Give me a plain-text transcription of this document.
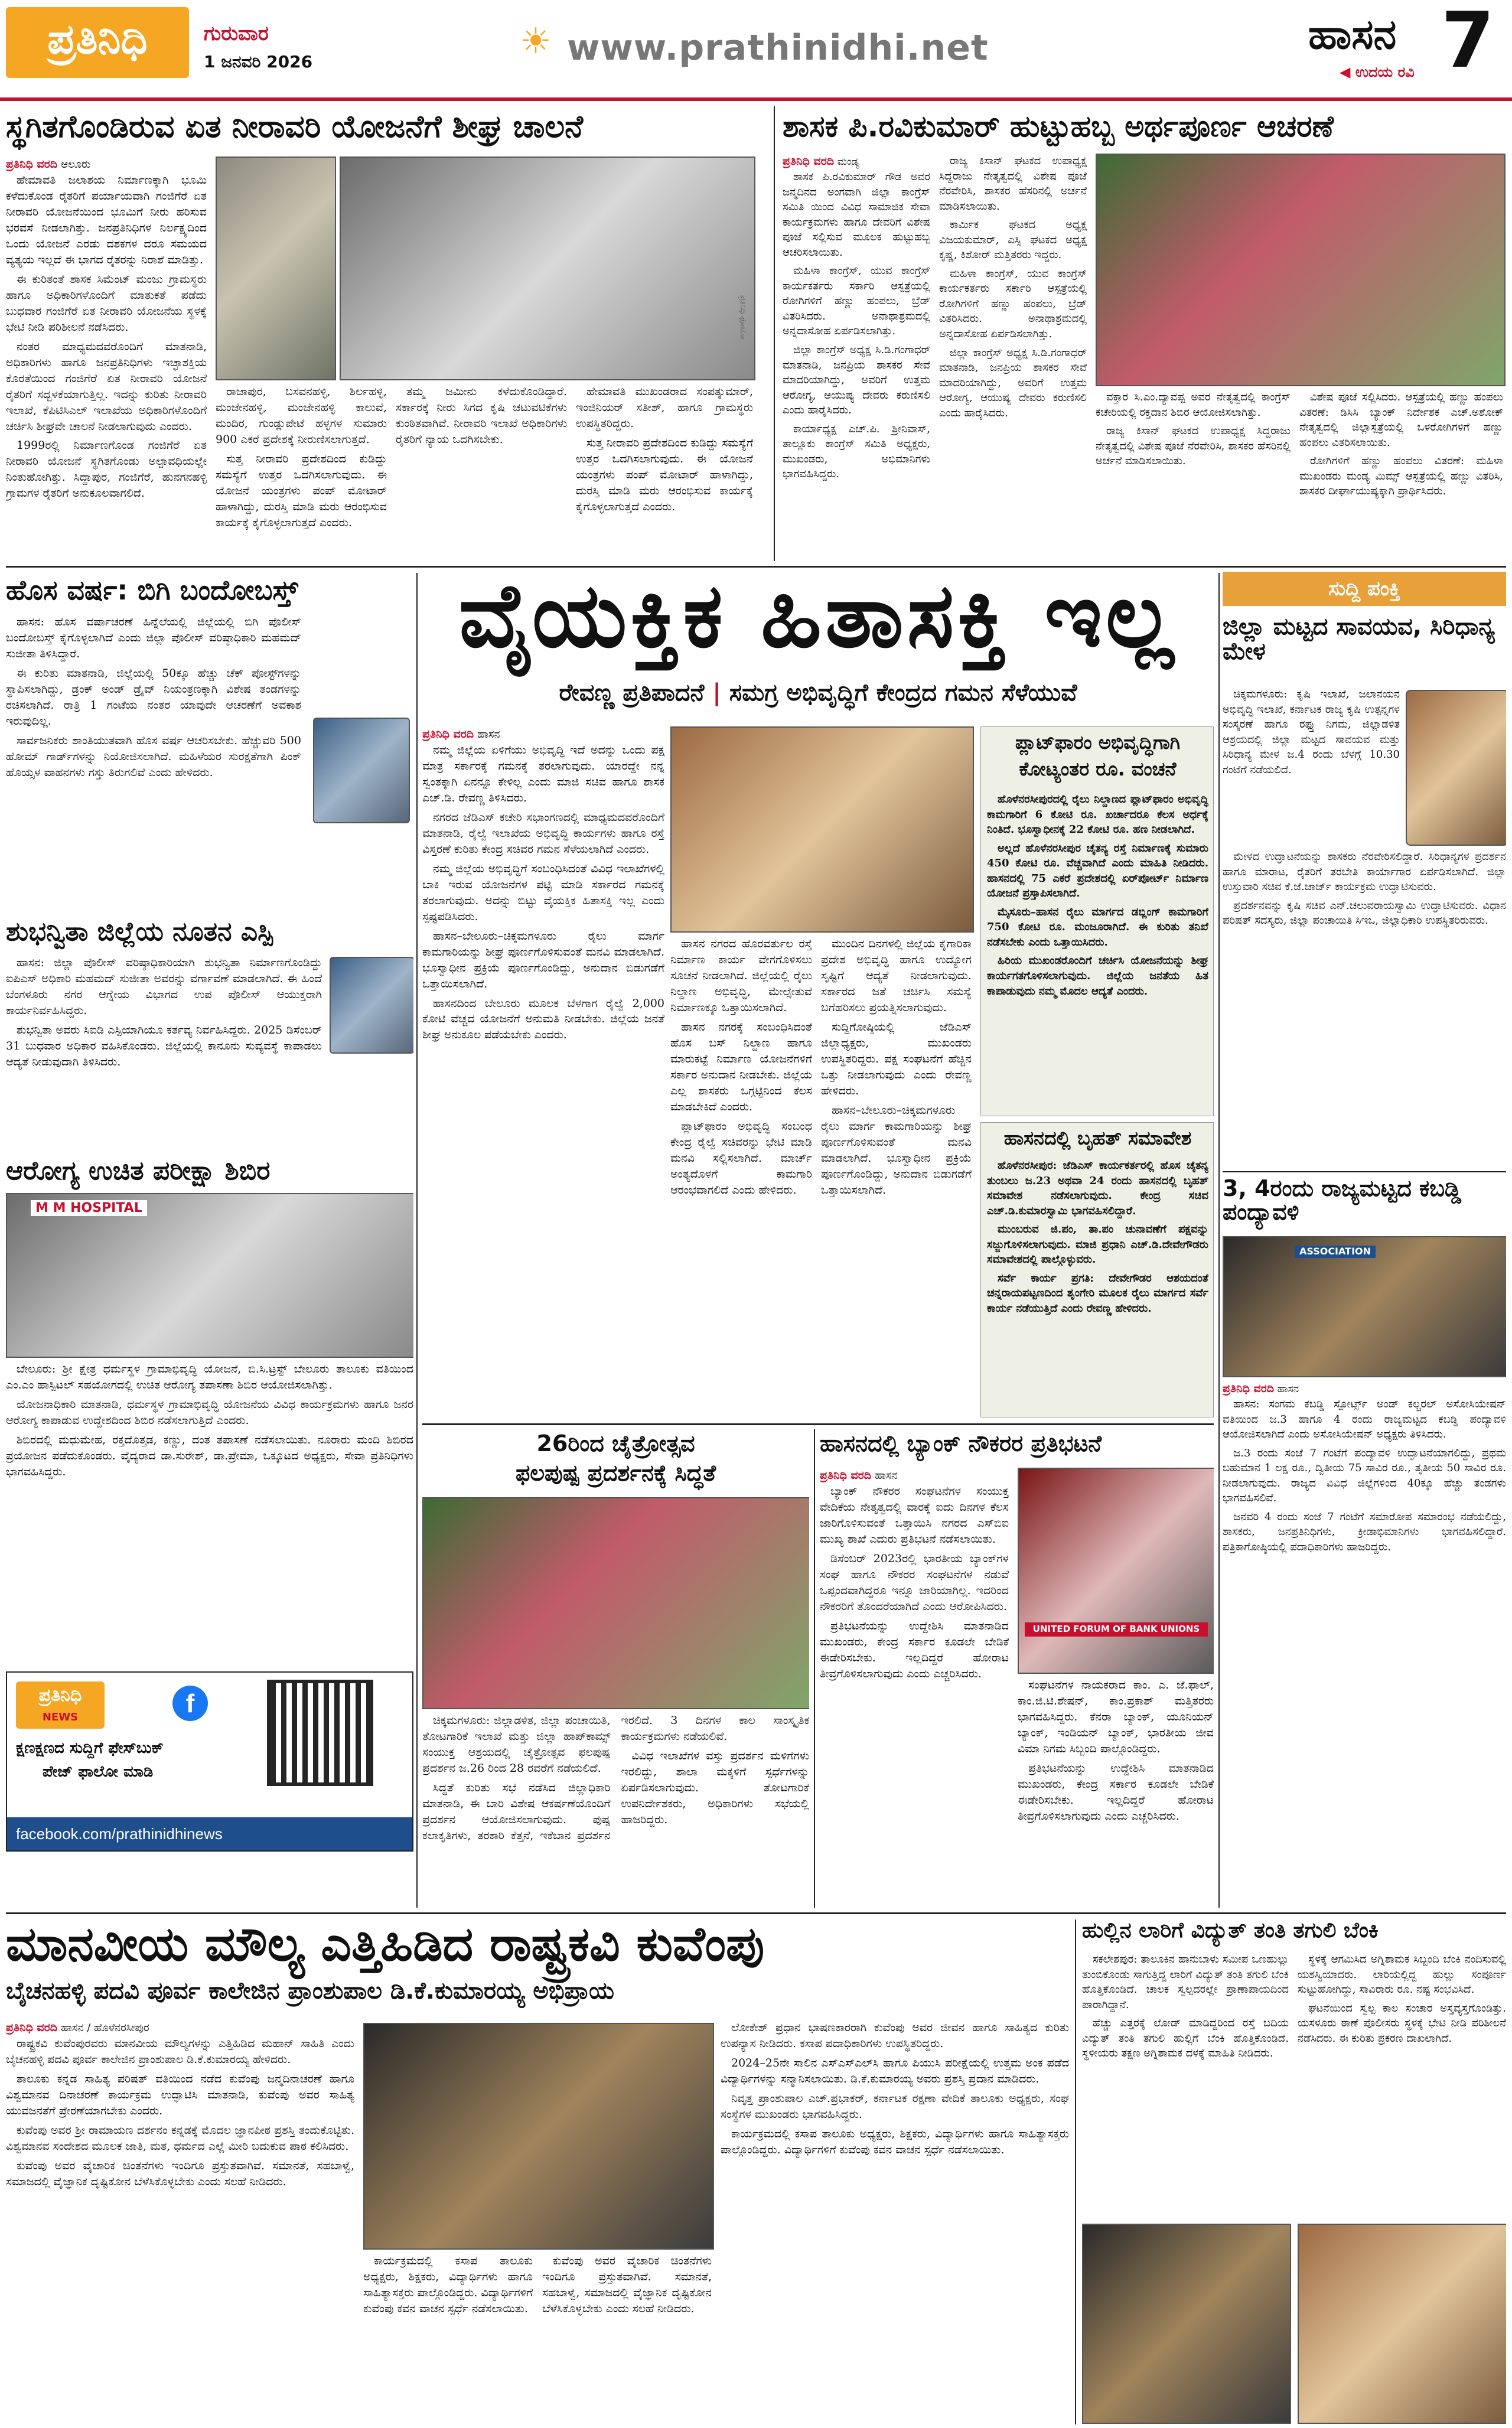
ಪ್ರತಿನಿಧಿ	ಗುರುವಾರ
1 ಜನವರಿ 2026	☀ www.prathinidhi.net	ಹಾಸನ 7
◀ ಉದಯ ರವಿ
ಸ್ಥಗಿತಗೊಂಡಿರುವ ಏತ ನೀರಾವರಿ ಯೋಜನೆಗೆ ಶೀಘ್ರ ಚಾಲನೆ
ಪ್ರತಿನಿಧಿ ವರದಿ ಆಲೂರು

ಹೇಮಾವತಿ ಜಲಾಶಯ ನಿರ್ಮಾಣಕ್ಕಾಗಿ ಭೂಮಿ ಕಳೆದುಕೊಂಡ ರೈತರಿಗೆ ಪರ್ಯಾಯವಾಗಿ ಗಂಜಿಗೆರೆ ಏತ ನೀರಾವರಿ ಯೋಜನೆಯಿಂದ ಭೂಮಿಗೆ ನೀರು ಹರಿಸುವ ಭರವಸೆ ನೀಡಲಾಗಿತ್ತು. ಜನಪ್ರತಿನಿಧಿಗಳ ನಿರ್ಲಕ್ಷ್ಯದಿಂದ ಒಂದು ಯೋಜನೆ ಎರಡು ದಶಕಗಳ ದರೂ ಸಮಯದ ವ್ಯತ್ಯಯ ಇಲ್ಲದೆ ಈ ಭಾಗದ ರೈತರನ್ನು ನಿರಾಶೆ ಮಾಡಿತ್ತು.

ಈ ಕುರಿತಂತೆ ಶಾಸಕ ಸಿಮೆಂಟ್ ಮಂಜು ಗ್ರಾಮಸ್ಥರು ಹಾಗೂ ಅಧಿಕಾರಿಗಳೊಂದಿಗೆ ಮಾತುಕತೆ ಪಡೆದು ಬುಧವಾರ ಗಂಜಿಗೆರೆ ಏತ ನೀರಾವರಿ ಯೋಜನೆಯ ಸ್ಥಳಕ್ಕೆ ಭೇಟಿ ನೀಡಿ ಪರಿಶೀಲನೆ ನಡೆಸಿದರು.

ನಂತರ ಮಾಧ್ಯಮದವರೊಂದಿಗೆ ಮಾತನಾಡಿ, ಅಧಿಕಾರಿಗಳು ಹಾಗೂ ಜನಪ್ರತಿನಿಧಿಗಳು ಇಚ್ಛಾಶಕ್ತಿಯ ಕೊರತೆಯಿಂದ ಗಂಜಿಗೆರೆ ಏತ ನೀರಾವರಿ ಯೋಜನೆ ರೈತರಿಗೆ ಸದ್ಬಳಕೆಯಾಗುತ್ತಿಲ್ಲ. ಇದನ್ನು ಕುರಿತು ನೀರಾವರಿ ಇಲಾಖೆ, ಕೆಪಿಟಿಸಿಎಲ್ ಇಲಾಖೆಯ ಅಧಿಕಾರಿಗಳೊಂದಿಗೆ ಚರ್ಚಿಸಿ ಶೀಘ್ರವೇ ಚಾಲನೆ ನೀಡಲಾಗುವುದು ಎಂದರು.

1999ರಲ್ಲಿ ನಿರ್ಮಾಣಗೊಂಡ ಗಂಜಿಗೆರೆ ಏತ ನೀರಾವರಿ ಯೋಜನೆ ಸ್ಥಗಿತಗೊಂಡು ಅಲ್ಪಾವಧಿಯಲ್ಲೇ ನಿಂತುಹೋಗಿತ್ತು. ಸಿದ್ದಾಪುರ, ಗಂಜಿಗೆರೆ, ಹುನಗನಹಳ್ಳಿ ಗ್ರಾಮಗಳ ರೈತರಿಗೆ ಅನುಕೂಲವಾಗಲಿದೆ.

ಪ್ರತಿನಿಧಿ ಫೋಟೋ

ರಾಜಾಪುರ, ಬಸವನಹಳ್ಳಿ, ಶಿರ್ಲಹಳ್ಳಿ, ಮಂಜೇನಹಳ್ಳಿ, ಮಂಜೇನಹಳ್ಳಿ ಕಾಲುವೆ, ಮಂದಿರ, ಗುಂಡ್ಲುಪೇಟೆ ಹಳ್ಳಗಳ ಸುಮಾರು 900 ಎಕರೆ ಪ್ರದೇಶಕ್ಕೆ ನೀರುಣಿಸಲಾಗುತ್ತದೆ.

ಸುತ್ತ ನೀರಾವರಿ ಪ್ರದೇಶದಿಂದ ಕುಡಿದ್ದು ಸಮಸ್ಯೆಗೆ ಉತ್ತರ ಒದಗಿಸಲಾಗುವುದು. ಈ ಯೋಜನೆ ಯಂತ್ರಗಳು ಪಂಪ್ ಮೋಟಾರ್ ಹಾಳಾಗಿದ್ದು, ದುರಸ್ತಿ ಮಾಡಿ ಮರು ಆರಂಭಿಸುವ ಕಾರ್ಯಕ್ಕೆ ಕೈಗೊಳ್ಳಲಾಗುತ್ತದೆ ಎಂದರು.

ತಮ್ಮ ಜಮೀನು ಕಳೆದುಕೊಂಡಿದ್ದಾರೆ. ಸರ್ಕಾರಕ್ಕೆ ನೀರು ಸಿಗದ ಕೃಷಿ ಚಟುವಟಿಕೆಗಳು ಕುಂಠಿತವಾಗಿವೆ. ನೀರಾವರಿ ಇಲಾಖೆ ಅಧಿಕಾರಿಗಳು ರೈತರಿಗೆ ನ್ಯಾಯ ಒದಗಿಸಬೇಕು.

ಹೇಮಾವತಿ ಮುಖಂಡರಾದ ಸಂಪತ್ಕುಮಾರ್, ಇಂಜಿನಿಯರ್ ಸತೀಶ್, ಹಾಗೂ ಗ್ರಾಮಸ್ಥರು ಉಪಸ್ಥಿತರಿದ್ದರು.

ಸುತ್ತ ನೀರಾವರಿ ಪ್ರದೇಶದಿಂದ ಕುಡಿದ್ದು ಸಮಸ್ಯೆಗೆ ಉತ್ತರ ಒದಗಿಸಲಾಗುವುದು. ಈ ಯೋಜನೆ ಯಂತ್ರಗಳು ಪಂಪ್ ಮೋಟಾರ್ ಹಾಳಾಗಿದ್ದು, ದುರಸ್ತಿ ಮಾಡಿ ಮರು ಆರಂಭಿಸುವ ಕಾರ್ಯಕ್ಕೆ ಕೈಗೊಳ್ಳಲಾಗುತ್ತದೆ ಎಂದರು.

ಶಾಸಕ ಪಿ.ರವಿಕುಮಾರ್ ಹುಟ್ಟುಹಬ್ಬ ಅರ್ಥಪೂರ್ಣ ಆಚರಣೆ
ಪ್ರತಿನಿಧಿ ವರದಿ ಮಂಡ್ಯ

ಶಾಸಕ ಪಿ.ರವಿಕುಮಾರ್ ಗೌಡ ಅವರ ಜನ್ಮದಿನದ ಅಂಗವಾಗಿ ಜಿಲ್ಲಾ ಕಾಂಗ್ರೆಸ್ ಸಮಿತಿ ಯಿಂದ ವಿವಿಧ ಸಾಮಾಜಿಕ ಸೇವಾ ಕಾರ್ಯಕ್ರಮಗಳು ಹಾಗೂ ದೇವರಿಗೆ ವಿಶೇಷ ಪೂಜೆ ಸಲ್ಲಿಸುವ ಮೂಲಕ ಹುಟ್ಟುಹಬ್ಬ ಆಚರಿಸಲಾಯಿತು.

ಮಹಿಳಾ ಕಾಂಗ್ರೆಸ್, ಯುವ ಕಾಂಗ್ರೆಸ್ ಕಾರ್ಯಕರ್ತರು ಸರ್ಕಾರಿ ಆಸ್ಪತ್ರೆಯಲ್ಲಿ ರೋಗಿಗಳಿಗೆ ಹಣ್ಣು ಹಂಪಲು, ಬ್ರೆಡ್ ವಿತರಿಸಿದರು. ಅನಾಥಾಶ್ರಮದಲ್ಲಿ ಅನ್ನದಾಸೋಹ ಏರ್ಪಡಿಸಲಾಗಿತ್ತು.

ಜಿಲ್ಲಾ ಕಾಂಗ್ರೆಸ್ ಅಧ್ಯಕ್ಷ ಸಿ.ಡಿ.ಗಂಗಾಧರ್ ಮಾತನಾಡಿ, ಜನಪ್ರಿಯ ಶಾಸಕರ ಸೇವೆ ಮಾದರಿಯಾಗಿದ್ದು, ಅವರಿಗೆ ಉತ್ತಮ ಆರೋಗ್ಯ, ಆಯುಷ್ಯ ದೇವರು ಕರುಣಿಸಲಿ ಎಂದು ಹಾರೈಸಿದರು.

ಕಾರ್ಯಾಧ್ಯಕ್ಷ ಎಚ್.ಪಿ. ಶ್ರೀನಿವಾಸ್, ತಾಲ್ಲೂಕು ಕಾಂಗ್ರೆಸ್ ಸಮಿತಿ ಅಧ್ಯಕ್ಷರು, ಮುಖಂಡರು, ಅಭಿಮಾನಿಗಳು ಭಾಗವಹಿಸಿದ್ದರು.

ರಾಜ್ಯ ಕಿಸಾನ್ ಘಟಕದ ಉಪಾಧ್ಯಕ್ಷ ಸಿದ್ದರಾಜು ನೇತೃತ್ವದಲ್ಲಿ ವಿಶೇಷ ಪೂಜೆ ನೆರವೇರಿಸಿ, ಶಾಸಕರ ಹೆಸರಿನಲ್ಲಿ ಅರ್ಚನೆ ಮಾಡಿಸಲಾಯಿತು.

ಕಾರ್ಮಿಕ ಘಟಕದ ಅಧ್ಯಕ್ಷ ವಿಜಯಕುಮಾರ್, ಎಸ್ಸಿ ಘಟಕದ ಅಧ್ಯಕ್ಷ ಕೃಷ್ಣ, ಕಿಶೋರ್ ಮತ್ತಿತರರು ಇದ್ದರು.

ಮಹಿಳಾ ಕಾಂಗ್ರೆಸ್, ಯುವ ಕಾಂಗ್ರೆಸ್ ಕಾರ್ಯಕರ್ತರು ಸರ್ಕಾರಿ ಆಸ್ಪತ್ರೆಯಲ್ಲಿ ರೋಗಿಗಳಿಗೆ ಹಣ್ಣು ಹಂಪಲು, ಬ್ರೆಡ್ ವಿತರಿಸಿದರು. ಅನಾಥಾಶ್ರಮದಲ್ಲಿ ಅನ್ನದಾಸೋಹ ಏರ್ಪಡಿಸಲಾಗಿತ್ತು.

ಜಿಲ್ಲಾ ಕಾಂಗ್ರೆಸ್ ಅಧ್ಯಕ್ಷ ಸಿ.ಡಿ.ಗಂಗಾಧರ್ ಮಾತನಾಡಿ, ಜನಪ್ರಿಯ ಶಾಸಕರ ಸೇವೆ ಮಾದರಿಯಾಗಿದ್ದು, ಅವರಿಗೆ ಉತ್ತಮ ಆರೋಗ್ಯ, ಆಯುಷ್ಯ ದೇವರು ಕರುಣಿಸಲಿ ಎಂದು ಹಾರೈಸಿದರು.

ವಕ್ತಾರ ಸಿ.ಎಂ.ದ್ಯಾವಪ್ಪ ಅವರ ನೇತೃತ್ವದಲ್ಲಿ ಕಾಂಗ್ರೆಸ್ ಕಚೇರಿಯಲ್ಲಿ ರಕ್ತದಾನ ಶಿಬಿರ ಆಯೋಜಿಸಲಾಗಿತ್ತು.

ರಾಜ್ಯ ಕಿಸಾನ್ ಘಟಕದ ಉಪಾಧ್ಯಕ್ಷ ಸಿದ್ದರಾಜು ನೇತೃತ್ವದಲ್ಲಿ ವಿಶೇಷ ಪೂಜೆ ನೆರವೇರಿಸಿ, ಶಾಸಕರ ಹೆಸರಿನಲ್ಲಿ ಅರ್ಚನೆ ಮಾಡಿಸಲಾಯಿತು.

ವಿಶೇಷ ಪೂಜೆ ಸಲ್ಲಿಸಿದರು. ಆಸ್ಪತ್ರೆಯಲ್ಲಿ ಹಣ್ಣು ಹಂಪಲು ವಿತರಣೆ: ಡಿಸಿಸಿ ಬ್ಯಾಂಕ್ ನಿರ್ದೇಶಕ ಎಚ್.ಅಶೋಕ್ ನೇತೃತ್ವದಲ್ಲಿ ಜಿಲ್ಲಾಸ್ಪತ್ರೆಯಲ್ಲಿ ಒಳರೋಗಿಗಳಿಗೆ ಹಣ್ಣು ಹಂಪಲು ವಿತರಿಸಲಾಯಿತು.

ರೋಗಿಗಳಿಗೆ ಹಣ್ಣು ಹಂಪಲು ವಿತರಣೆ: ಮಹಿಳಾ ಮುಖಂಡರು ಮಂಡ್ಯ ಮಿಮ್ಸ್ ಆಸ್ಪತ್ರೆಯಲ್ಲಿ ಹಣ್ಣು ವಿತರಿಸಿ, ಶಾಸಕರ ದೀರ್ಘಾಯುಷ್ಯಕ್ಕಾಗಿ ಪ್ರಾರ್ಥಿಸಿದರು.

ಹೊಸ ವರ್ಷ: ಬಿಗಿ ಬಂದೋಬಸ್ತ್

ಹಾಸನ: ಹೊಸ ವರ್ಷಾಚರಣೆ ಹಿನ್ನೆಲೆಯಲ್ಲಿ ಜಿಲ್ಲೆಯಲ್ಲಿ ಬಿಗಿ ಪೊಲೀಸ್ ಬಂದೋಬಸ್ತ್ ಕೈಗೊಳ್ಳಲಾಗಿದೆ ಎಂದು ಜಿಲ್ಲಾ ಪೊಲೀಸ್ ವರಿಷ್ಠಾಧಿಕಾರಿ ಮಹಮದ್ ಸುಜೀತಾ ತಿಳಿಸಿದ್ದಾರೆ.

ಈ ಕುರಿತು ಮಾತನಾಡಿ, ಜಿಲ್ಲೆಯಲ್ಲಿ 50ಕ್ಕೂ ಹೆಚ್ಚು ಚೆಕ್ ಪೋಸ್ಟ್‌ಗಳನ್ನು ಸ್ಥಾಪಿಸಲಾಗಿದ್ದು, ಡ್ರಂಕ್ ಅಂಡ್ ಡ್ರೈವ್ ನಿಯಂತ್ರಣಕ್ಕಾಗಿ ವಿಶೇಷ ತಂಡಗಳನ್ನು ರಚಿಸಲಾಗಿದೆ. ರಾತ್ರಿ 1 ಗಂಟೆಯ ನಂತರ ಯಾವುದೇ ಆಚರಣೆಗೆ ಅವಕಾಶ ಇರುವುದಿಲ್ಲ.

ಸಾರ್ವಜನಿಕರು ಶಾಂತಿಯುತವಾಗಿ ಹೊಸ ವರ್ಷ ಆಚರಿಸಬೇಕು. ಹೆಚ್ಚುವರಿ 500 ಹೋಮ್ ಗಾರ್ಡ್‌ಗಳನ್ನು ನಿಯೋಜಿಸಲಾಗಿದೆ. ಮಹಿಳೆಯರ ಸುರಕ್ಷತೆಗಾಗಿ ಪಿಂಕ್ ಹೊಯ್ಸಳ ವಾಹನಗಳು ಗಸ್ತು ತಿರುಗಲಿವೆ ಎಂದು ಹೇಳಿದರು.

ಶುಭನ್ವಿತಾ ಜಿಲ್ಲೆಯ ನೂತನ ಎಸ್ಪಿ

ಹಾಸನ: ಜಿಲ್ಲಾ ಪೊಲೀಸ್ ವರಿಷ್ಠಾಧಿಕಾರಿಯಾಗಿ ಶುಭನ್ವಿತಾ ನಿರ್ಮಾಣಗೊಂಡಿದ್ದು ಐಪಿಎಸ್ ಅಧಿಕಾರಿ ಮಹಮದ್ ಸುಜೀತಾ ಅವರನ್ನು ವರ್ಗಾವಣೆ ಮಾಡಲಾಗಿದೆ. ಈ ಹಿಂದೆ ಬೆಂಗಳೂರು ನಗರ ಆಗ್ನೇಯ ವಿಭಾಗದ ಉಪ ಪೊಲೀಸ್ ಆಯುಕ್ತರಾಗಿ ಕಾರ್ಯನಿರ್ವಹಿಸಿದ್ದರು.

ಶುಭನ್ವಿತಾ ಅವರು ಸಿಐಡಿ ಎಸ್ಪಿಯಾಗಿಯೂ ಕರ್ತವ್ಯ ನಿರ್ವಹಿಸಿದ್ದರು. 2025 ಡಿಸೆಂಬರ್ 31 ಬುಧವಾರ ಅಧಿಕಾರ ವಹಿಸಿಕೊಂಡರು. ಜಿಲ್ಲೆಯಲ್ಲಿ ಕಾನೂನು ಸುವ್ಯವಸ್ಥೆ ಕಾಪಾಡಲು ಆದ್ಯತೆ ನೀಡುವುದಾಗಿ ತಿಳಿಸಿದರು.

ಆರೋಗ್ಯ ಉಚಿತ ಪರೀಕ್ಷಾ ಶಿಬಿರ
M M HOSPITAL

ಬೇಲೂರು: ಶ್ರೀ ಕ್ಷೇತ್ರ ಧರ್ಮಸ್ಥಳ ಗ್ರಾಮಾಭಿವೃದ್ಧಿ ಯೋಜನೆ, ಬಿ.ಸಿ.ಟ್ರಸ್ಟ್ ಬೇಲೂರು ತಾಲೂಕು ವತಿಯಿಂದ ಎಂ.ಎಂ ಹಾಸ್ಪಿಟಲ್ ಸಹಯೋಗದಲ್ಲಿ ಉಚಿತ ಆರೋಗ್ಯ ತಪಾಸಣಾ ಶಿಬಿರ ಆಯೋಜಿಸಲಾಗಿತ್ತು.

ಯೋಜನಾಧಿಕಾರಿ ಮಾತನಾಡಿ, ಧರ್ಮಸ್ಥಳ ಗ್ರಾಮಾಭಿವೃದ್ಧಿ ಯೋಜನೆಯ ವಿವಿಧ ಕಾರ್ಯಕ್ರಮಗಳು ಹಾಗೂ ಜನರ ಆರೋಗ್ಯ ಕಾಪಾಡುವ ಉದ್ದೇಶದಿಂದ ಶಿಬಿರ ನಡೆಸಲಾಗುತ್ತಿದೆ ಎಂದರು.

ಶಿಬಿರದಲ್ಲಿ ಮಧುಮೇಹ, ರಕ್ತದೊತ್ತಡ, ಕಣ್ಣು, ದಂತ ತಪಾಸಣೆ ನಡೆಸಲಾಯಿತು. ನೂರಾರು ಮಂದಿ ಶಿಬಿರದ ಪ್ರಯೋಜನ ಪಡೆದುಕೊಂಡರು. ವೈದ್ಯರಾದ ಡಾ.ಸುರೇಶ್, ಡಾ.ಪ್ರೇಮಾ, ಒಕ್ಕೂಟದ ಅಧ್ಯಕ್ಷರು, ಸೇವಾ ಪ್ರತಿನಿಧಿಗಳು ಭಾಗವಹಿಸಿದ್ದರು.

ಪ್ರತಿನಿಧಿ
NEWS	f
ಕ್ಷಣಕ್ಷಣದ ಸುದ್ದಿಗೆ ಫೇಸ್‌ಬುಕ್
ಪೇಜ್ ಫಾಲೋ ಮಾಡಿ
facebook.com/prathinidhinews
ವೈಯಕ್ತಿಕ ಹಿತಾಸಕ್ತಿ ಇಲ್ಲ
ರೇವಣ್ಣ ಪ್ರತಿಪಾದನೆ | ಸಮಗ್ರ ಅಭಿವೃದ್ಧಿಗೆ ಕೇಂದ್ರದ ಗಮನ ಸೆಳೆಯುವೆ
ಪ್ರತಿನಿಧಿ ವರದಿ ಹಾಸನ

ನಮ್ಮ ಜಿಲ್ಲೆಯ ಏಳಿಗೆಯು ಅಭಿವೃದ್ಧಿ ಇದೆ ಅದನ್ನು ಒಂದು ಪಕ್ಷ ಮಾತ್ರ ಸರ್ಕಾರಕ್ಕೆ ಗಮನಕ್ಕೆ ತರಲಾಗುವುದು. ಯಾರದ್ದೇ ನನ್ನ ಸ್ವಂತಕ್ಕಾಗಿ ಏನನ್ನೂ ಕೇಳಿಲ್ಲ ಎಂದು ಮಾಜಿ ಸಚಿವ ಹಾಗೂ ಶಾಸಕ ಎಚ್.ಡಿ. ರೇವಣ್ಣ ತಿಳಿಸಿದರು.

ನಗರದ ಜೆಡಿಎಸ್ ಕಚೇರಿ ಸಭಾಂಗಣದಲ್ಲಿ ಮಾಧ್ಯಮದವರೊಂದಿಗೆ ಮಾತನಾಡಿ, ರೈಲ್ವೆ ಇಲಾಖೆಯ ಅಭಿವೃದ್ಧಿ ಕಾರ್ಯಗಳು ಹಾಗೂ ರಸ್ತೆ ವಿಸ್ತರಣೆ ಕುರಿತು ಕೇಂದ್ರ ಸಚಿವರ ಗಮನ ಸೆಳೆಯಲಾಗಿದೆ ಎಂದರು.

ನಮ್ಮ ಜಿಲ್ಲೆಯ ಅಭಿವೃದ್ಧಿಗೆ ಸಂಬಂಧಿಸಿದಂತೆ ವಿವಿಧ ಇಲಾಖೆಗಳಲ್ಲಿ ಬಾಕಿ ಇರುವ ಯೋಜನೆಗಳ ಪಟ್ಟಿ ಮಾಡಿ ಸರ್ಕಾರದ ಗಮನಕ್ಕೆ ತರಲಾಗುವುದು. ಅದನ್ನು ಬಿಟ್ಟು ವೈಯಕ್ತಿಕ ಹಿತಾಸಕ್ತಿ ಇಲ್ಲ ಎಂದು ಸ್ಪಷ್ಟಪಡಿಸಿದರು.

ಹಾಸನ–ಬೇಲೂರು–ಚಿಕ್ಕಮಗಳೂರು ರೈಲು ಮಾರ್ಗ ಕಾಮಗಾರಿಯನ್ನು ಶೀಘ್ರ ಪೂರ್ಣಗೊಳಿಸುವಂತೆ ಮನವಿ ಮಾಡಲಾಗಿದೆ. ಭೂಸ್ವಾಧೀನ ಪ್ರಕ್ರಿಯೆ ಪೂರ್ಣಗೊಂಡಿದ್ದು, ಅನುದಾನ ಬಿಡುಗಡೆಗೆ ಒತ್ತಾಯಿಸಲಾಗಿದೆ.

ಹಾಸನದಿಂದ ಬೇಲೂರು ಮೂಲಕ ಬೆಳಗಾಗ ರೈಲ್ವೆ 2,000 ಕೋಟಿ ವೆಚ್ಚದ ಯೋಜನೆಗೆ ಅನುಮತಿ ನೀಡಬೇಕು. ಜಿಲ್ಲೆಯ ಜನತೆ ಶೀಘ್ರ ಅನುಕೂಲ ಪಡೆಯಬೇಕು ಎಂದರು.

ಪ್ಲಾಟ್‌ಫಾರಂ ಅಭಿವೃದ್ಧಿಗಾಗಿ
ಕೋಟ್ಯಂತರ ರೂ. ವಂಚನೆ

ಹೊಳೆನರಸೀಪುರದಲ್ಲಿ ರೈಲು ನಿಲ್ದಾಣದ ಪ್ಲಾಟ್‌ಫಾರಂ ಅಭಿವೃದ್ಧಿ ಕಾಮಗಾರಿಗೆ 6 ಕೋಟಿ ರೂ. ಖರ್ಚಾದರೂ ಕೆಲಸ ಅರ್ಧಕ್ಕೆ ನಿಂತಿದೆ. ಭೂಸ್ವಾಧೀನಕ್ಕೆ 22 ಕೋಟಿ ರೂ. ಹಣ ನೀಡಲಾಗಿದೆ.

ಅಲ್ಲದೆ ಹೊಳೆನರಸೀಪುರ ಚೈತನ್ಯ ರಸ್ತೆ ನಿರ್ಮಾಣಕ್ಕೆ ಸುಮಾರು 450 ಕೋಟಿ ರೂ. ವೆಚ್ಚವಾಗಿದೆ ಎಂದು ಮಾಹಿತಿ ನೀಡಿದರು. ಹಾಸನದಲ್ಲಿ 75 ಎಕರೆ ಪ್ರದೇಶದಲ್ಲಿ ಏರ್‌ಪೋರ್ಟ್ ನಿರ್ಮಾಣ ಯೋಜನೆ ಪ್ರಸ್ತಾಪಿಸಲಾಗಿದೆ.

ಮೈಸೂರು–ಹಾಸನ ರೈಲು ಮಾರ್ಗದ ಡಬ್ಲಿಂಗ್ ಕಾಮಗಾರಿಗೆ 750 ಕೋಟಿ ರೂ. ಮಂಜೂರಾಗಿದೆ. ಈ ಕುರಿತು ತನಿಖೆ ನಡೆಸಬೇಕು ಎಂದು ಒತ್ತಾಯಿಸಿದರು.

ಹಿರಿಯ ಮುಖಂಡರೊಂದಿಗೆ ಚರ್ಚಿಸಿ ಯೋಜನೆಯನ್ನು ಶೀಘ್ರ ಕಾರ್ಯಗತಗೊಳಿಸಲಾಗುವುದು. ಜಿಲ್ಲೆಯ ಜನತೆಯ ಹಿತ ಕಾಪಾಡುವುದು ನಮ್ಮ ಮೊದಲ ಆದ್ಯತೆ ಎಂದರು.

ಹಾಸನ ನಗರದ ಹೊರವರ್ತುಲ ರಸ್ತೆ ನಿರ್ಮಾಣ ಕಾರ್ಯ ವೇಗಗೊಳಿಸಲು ಸೂಚನೆ ನೀಡಲಾಗಿದೆ. ಜಿಲ್ಲೆಯಲ್ಲಿ ರೈಲು ನಿಲ್ದಾಣ ಅಭಿವೃದ್ಧಿ, ಮೇಲ್ಸೇತುವೆ ನಿರ್ಮಾಣಕ್ಕೂ ಒತ್ತಾಯಿಸಲಾಗಿದೆ.

ಹಾಸನ ನಗರಕ್ಕೆ ಸಂಬಂಧಿಸಿದಂತೆ ಹೊಸ ಬಸ್ ನಿಲ್ದಾಣ ಹಾಗೂ ಮಾರುಕಟ್ಟೆ ನಿರ್ಮಾಣ ಯೋಜನೆಗಳಿಗೆ ಸರ್ಕಾರ ಅನುದಾನ ನೀಡಬೇಕು. ಜಿಲ್ಲೆಯ ಎಲ್ಲ ಶಾಸಕರು ಒಗ್ಗಟ್ಟಿನಿಂದ ಕೆಲಸ ಮಾಡಬೇಕಿದೆ ಎಂದರು.

ಪ್ಲಾಟ್‌ಫಾರಂ ಅಭಿವೃದ್ಧಿ ಸಂಬಂಧ ಕೇಂದ್ರ ರೈಲ್ವೆ ಸಚಿವರನ್ನು ಭೇಟಿ ಮಾಡಿ ಮನವಿ ಸಲ್ಲಿಸಲಾಗಿದೆ. ಮಾರ್ಚ್ ಅಂತ್ಯದೊಳಗೆ ಕಾಮಗಾರಿ ಆರಂಭವಾಗಲಿದೆ ಎಂದು ಹೇಳಿದರು.

ಮುಂದಿನ ದಿನಗಳಲ್ಲಿ ಜಿಲ್ಲೆಯ ಕೈಗಾರಿಕಾ ಪ್ರದೇಶ ಅಭಿವೃದ್ಧಿ ಹಾಗೂ ಉದ್ಯೋಗ ಸೃಷ್ಟಿಗೆ ಆದ್ಯತೆ ನೀಡಲಾಗುವುದು. ಸರ್ಕಾರದ ಜತೆ ಚರ್ಚಿಸಿ ಸಮಸ್ಯೆ ಬಗೆಹರಿಸಲು ಪ್ರಯತ್ನಿಸಲಾಗುವುದು.

ಸುದ್ದಿಗೋಷ್ಠಿಯಲ್ಲಿ ಜೆಡಿಎಸ್ ಜಿಲ್ಲಾಧ್ಯಕ್ಷರು, ಮುಖಂಡರು ಉಪಸ್ಥಿತರಿದ್ದರು. ಪಕ್ಷ ಸಂಘಟನೆಗೆ ಹೆಚ್ಚಿನ ಒತ್ತು ನೀಡಲಾಗುವುದು ಎಂದು ರೇವಣ್ಣ ಹೇಳಿದರು.

ಹಾಸನ–ಬೇಲೂರು–ಚಿಕ್ಕಮಗಳೂರು ರೈಲು ಮಾರ್ಗ ಕಾಮಗಾರಿಯನ್ನು ಶೀಘ್ರ ಪೂರ್ಣಗೊಳಿಸುವಂತೆ ಮನವಿ ಮಾಡಲಾಗಿದೆ. ಭೂಸ್ವಾಧೀನ ಪ್ರಕ್ರಿಯೆ ಪೂರ್ಣಗೊಂಡಿದ್ದು, ಅನುದಾನ ಬಿಡುಗಡೆಗೆ ಒತ್ತಾಯಿಸಲಾಗಿದೆ.

ಹಾಸನದಲ್ಲಿ ಬೃಹತ್ ಸಮಾವೇಶ

ಹೊಳೆನರಸೀಪುರ: ಜೆಡಿಎಸ್ ಕಾರ್ಯಕರ್ತರಲ್ಲಿ ಹೊಸ ಚೈತನ್ಯ ತುಂಬಲು ಜ.23 ಅಥವಾ 24 ರಂದು ಹಾಸನದಲ್ಲಿ ಬೃಹತ್ ಸಮಾವೇಶ ನಡೆಸಲಾಗುವುದು. ಕೇಂದ್ರ ಸಚಿವ ಎಚ್.ಡಿ.ಕುಮಾರಸ್ವಾಮಿ ಭಾಗವಹಿಸಲಿದ್ದಾರೆ.

ಮುಂಬರುವ ಜಿ.ಪಂ, ತಾ.ಪಂ ಚುನಾವಣೆಗೆ ಪಕ್ಷವನ್ನು ಸಜ್ಜುಗೊಳಿಸಲಾಗುವುದು. ಮಾಜಿ ಪ್ರಧಾನಿ ಎಚ್.ಡಿ.ದೇವೇಗೌಡರು ಸಮಾವೇಶದಲ್ಲಿ ಪಾಲ್ಗೊಳ್ಳುವರು.

ಸರ್ವೆ ಕಾರ್ಯ ಪ್ರಗತಿ: ದೇವೇಗೌಡರ ಆಶಯದಂತೆ ಚನ್ನರಾಯಪಟ್ಟಣದಿಂದ ಶೃಂಗೇರಿ ಮೂಲಕ ರೈಲು ಮಾರ್ಗದ ಸರ್ವೆ ಕಾರ್ಯ ನಡೆಯುತ್ತಿದೆ ಎಂದು ರೇವಣ್ಣ ಹೇಳಿದರು.

26ರಿಂದ ಚೈತ್ರೋತ್ಸವ
ಫಲಪುಷ್ಪ ಪ್ರದರ್ಶನಕ್ಕೆ ಸಿದ್ಧತೆ

ಚಿಕ್ಕಮಗಳೂರು: ಜಿಲ್ಲಾಡಳಿತ, ಜಿಲ್ಲಾ ಪಂಚಾಯಿತಿ, ತೋಟಗಾರಿಕೆ ಇಲಾಖೆ ಮತ್ತು ಜಿಲ್ಲಾ ಹಾಪ್‌ಕಾಮ್ಸ್ ಸಂಯುಕ್ತ ಆಶ್ರಯದಲ್ಲಿ ಚೈತ್ರೋತ್ಸವ ಫಲಪುಷ್ಪ ಪ್ರದರ್ಶನ ಜ.26 ರಿಂದ 28 ರವರೆಗೆ ನಡೆಯಲಿದೆ.

ಸಿದ್ಧತೆ ಕುರಿತು ಸಭೆ ನಡೆಸಿದ ಜಿಲ್ಲಾಧಿಕಾರಿ ಮಾತನಾಡಿ, ಈ ಬಾರಿ ವಿಶೇಷ ಆಕರ್ಷಣೆಯೊಂದಿಗೆ ಪ್ರದರ್ಶನ ಆಯೋಜಿಸಲಾಗುವುದು. ಪುಷ್ಪ ಕಲಾಕೃತಿಗಳು, ತರಕಾರಿ ಕೆತ್ತನೆ, ಇಕೆಬಾನ ಪ್ರದರ್ಶನ ಇರಲಿದೆ. 3 ದಿನಗಳ ಕಾಲ ಸಾಂಸ್ಕೃತಿಕ ಕಾರ್ಯಕ್ರಮಗಳು ನಡೆಯಲಿವೆ.

ವಿವಿಧ ಇಲಾಖೆಗಳ ವಸ್ತು ಪ್ರದರ್ಶನ ಮಳಿಗೆಗಳು ಇರಲಿದ್ದು, ಶಾಲಾ ಮಕ್ಕಳಿಗೆ ಸ್ಪರ್ಧೆಗಳನ್ನು ಏರ್ಪಡಿಸಲಾಗುವುದು. ತೋಟಗಾರಿಕೆ ಉಪನಿರ್ದೇಶಕರು, ಅಧಿಕಾರಿಗಳು ಸಭೆಯಲ್ಲಿ ಹಾಜರಿದ್ದರು.

ಹಾಸನದಲ್ಲಿ ಬ್ಯಾಂಕ್ ನೌಕರರ ಪ್ರತಿಭಟನೆ
ಪ್ರತಿನಿಧಿ ವರದಿ ಹಾಸನ

ಬ್ಯಾಂಕ್ ನೌಕರರ ಸಂಘಟನೆಗಳ ಸಂಯುಕ್ತ ವೇದಿಕೆಯ ನೇತೃತ್ವದಲ್ಲಿ ವಾರಕ್ಕೆ ಐದು ದಿನಗಳ ಕೆಲಸ ಜಾರಿಗೊಳಿಸುವಂತೆ ಒತ್ತಾಯಿಸಿ ನಗರದ ಎಸ್‌ಬಿಐ ಮುಖ್ಯ ಶಾಖೆ ಎದುರು ಪ್ರತಿಭಟನೆ ನಡೆಸಲಾಯಿತು.

ಡಿಸೆಂಬರ್ 2023ರಲ್ಲಿ ಭಾರತೀಯ ಬ್ಯಾಂಕ್‌ಗಳ ಸಂಘ ಹಾಗೂ ನೌಕರರ ಸಂಘಟನೆಗಳ ನಡುವೆ ಒಪ್ಪಂದವಾಗಿದ್ದರೂ ಇನ್ನೂ ಜಾರಿಯಾಗಿಲ್ಲ. ಇದರಿಂದ ನೌಕರರಿಗೆ ತೊಂದರೆಯಾಗಿದೆ ಎಂದು ಆರೋಪಿಸಿದರು.

ಪ್ರತಿಭಟನೆಯನ್ನು ಉದ್ದೇಶಿಸಿ ಮಾತನಾಡಿದ ಮುಖಂಡರು, ಕೇಂದ್ರ ಸರ್ಕಾರ ಕೂಡಲೇ ಬೇಡಿಕೆ ಈಡೇರಿಸಬೇಕು. ಇಲ್ಲದಿದ್ದರೆ ಹೋರಾಟ ತೀವ್ರಗೊಳಿಸಲಾಗುವುದು ಎಂದು ಎಚ್ಚರಿಸಿದರು.

UNITED FORUM OF BANK UNIONS

ಸಂಘಟನೆಗಳ ನಾಯಕರಾದ ಕಾಂ. ಎ. ಜೆ.ಫಾಲ್, ಕಾಂ.ಜಿ.ಟಿ.ಶೇಷನ್, ಕಾಂ.ಪ್ರಕಾಶ್ ಮತ್ತಿತರರು ಭಾಗವಹಿಸಿದ್ದರು. ಕೆನರಾ ಬ್ಯಾಂಕ್, ಯೂನಿಯನ್ ಬ್ಯಾಂಕ್, ಇಂಡಿಯನ್ ಬ್ಯಾಂಕ್, ಭಾರತೀಯ ಜೀವ ವಿಮಾ ನಿಗಮ ಸಿಬ್ಬಂದಿ ಪಾಲ್ಗೊಂಡಿದ್ದರು.

ಪ್ರತಿಭಟನೆಯನ್ನು ಉದ್ದೇಶಿಸಿ ಮಾತನಾಡಿದ ಮುಖಂಡರು, ಕೇಂದ್ರ ಸರ್ಕಾರ ಕೂಡಲೇ ಬೇಡಿಕೆ ಈಡೇರಿಸಬೇಕು. ಇಲ್ಲದಿದ್ದರೆ ಹೋರಾಟ ತೀವ್ರಗೊಳಿಸಲಾಗುವುದು ಎಂದು ಎಚ್ಚರಿಸಿದರು.

ಸುದ್ದಿ ಪಂಕ್ತಿ
ಜಿಲ್ಲಾ ಮಟ್ಟದ ಸಾವಯವ, ಸಿರಿಧಾನ್ಯ ಮೇಳ

ಚಿಕ್ಕಮಗಳೂರು: ಕೃಷಿ ಇಲಾಖೆ, ಜಲಾನಯನ ಅಭಿವೃದ್ಧಿ ಇಲಾಖೆ, ಕರ್ನಾಟಕ ರಾಜ್ಯ ಕೃಷಿ ಉತ್ಪನ್ನಗಳ ಸಂಸ್ಕರಣೆ ಹಾಗೂ ರಫ್ತು ನಿಗಮ, ಜಿಲ್ಲಾಡಳಿತ ಆಶ್ರಯದಲ್ಲಿ ಜಿಲ್ಲಾ ಮಟ್ಟದ ಸಾವಯವ ಮತ್ತು ಸಿರಿಧಾನ್ಯ ಮೇಳ ಜ.4 ರಂದು ಬೆಳಗ್ಗೆ 10.30 ಗಂಟೆಗೆ ನಡೆಯಲಿದೆ.

ಮೇಳದ ಉದ್ಘಾಟನೆಯನ್ನು ಶಾಸಕರು ನೆರವೇರಿಸಲಿದ್ದಾರೆ. ಸಿರಿಧಾನ್ಯಗಳ ಪ್ರದರ್ಶನ ಹಾಗೂ ಮಾರಾಟ, ರೈತರಿಗೆ ತರಬೇತಿ ಕಾರ್ಯಾಗಾರ ಏರ್ಪಡಿಸಲಾಗಿದೆ. ಜಿಲ್ಲಾ ಉಸ್ತುವಾರಿ ಸಚಿವ ಕೆ.ಜೆ.ಜಾರ್ಜ್ ಕಾರ್ಯಕ್ರಮ ಉದ್ಘಾಟಿಸುವರು.

ಪ್ರದರ್ಶನವನ್ನು ಕೃಷಿ ಸಚಿವ ಎನ್.ಚಲುವರಾಯಸ್ವಾಮಿ ಉದ್ಘಾಟಿಸುವರು. ವಿಧಾನ ಪರಿಷತ್ ಸದಸ್ಯರು, ಜಿಲ್ಲಾ ಪಂಚಾಯಿತಿ ಸಿಇಒ, ಜಿಲ್ಲಾಧಿಕಾರಿ ಉಪಸ್ಥಿತರಿರುವರು.

3, 4ರಂದು ರಾಜ್ಯಮಟ್ಟದ ಕಬಡ್ಡಿ ಪಂದ್ಯಾವಳಿ
ASSOCIATION
ಪ್ರತಿನಿಧಿ ವರದಿ ಹಾಸನ

ಹಾಸನ: ಸಂಗಮ ಕಬಡ್ಡಿ ಸ್ಪೋರ್ಟ್ಸ್ ಅಂಡ್ ಕಲ್ಚರಲ್ ಅಸೋಸಿಯೇಷನ್ ವತಿಯಿಂದ ಜ.3 ಹಾಗೂ 4 ರಂದು ರಾಜ್ಯಮಟ್ಟದ ಕಬಡ್ಡಿ ಪಂದ್ಯಾವಳಿ ಆಯೋಜಿಸಲಾಗಿದೆ ಎಂದು ಅಸೋಸಿಯೇಷನ್ ಅಧ್ಯಕ್ಷರು ತಿಳಿಸಿದರು.

ಜ.3 ರಂದು ಸಂಜೆ 7 ಗಂಟೆಗೆ ಪಂದ್ಯಾವಳಿ ಉದ್ಘಾಟನೆಯಾಗಲಿದ್ದು, ಪ್ರಥಮ ಬಹುಮಾನ 1 ಲಕ್ಷ ರೂ., ದ್ವಿತೀಯ 75 ಸಾವಿರ ರೂ., ತೃತೀಯ 50 ಸಾವಿರ ರೂ. ನೀಡಲಾಗುವುದು. ರಾಜ್ಯದ ವಿವಿಧ ಜಿಲ್ಲೆಗಳಿಂದ 40ಕ್ಕೂ ಹೆಚ್ಚು ತಂಡಗಳು ಭಾಗವಹಿಸಲಿವೆ.

ಜನವರಿ 4 ರಂದು ಸಂಜೆ 7 ಗಂಟೆಗೆ ಸಮಾರೋಪ ಸಮಾರಂಭ ನಡೆಯಲಿದ್ದು, ಶಾಸಕರು, ಜನಪ್ರತಿನಿಧಿಗಳು, ಕ್ರೀಡಾಭಿಮಾನಿಗಳು ಭಾಗವಹಿಸಲಿದ್ದಾರೆ. ಪತ್ರಿಕಾಗೋಷ್ಠಿಯಲ್ಲಿ ಪದಾಧಿಕಾರಿಗಳು ಹಾಜರಿದ್ದರು.

ಮಾನವೀಯ ಮೌಲ್ಯ ಎತ್ತಿಹಿಡಿದ ರಾಷ್ಟ್ರಕವಿ ಕುವೆಂಪು
ಬೈಚನಹಳ್ಳಿ ಪದವಿ ಪೂರ್ವ ಕಾಲೇಜಿನ ಪ್ರಾಂಶುಪಾಲ ಡಿ.ಕೆ.ಕುಮಾರಯ್ಯ ಅಭಿಪ್ರಾಯ
ಪ್ರತಿನಿಧಿ ವರದಿ ಹಾಸನ / ಹೊಳೆನರಸೀಪುರ

ರಾಷ್ಟ್ರಕವಿ ಕುವೆಂಪುರವರು ಮಾನವೀಯ ಮೌಲ್ಯಗಳನ್ನು ಎತ್ತಿಹಿಡಿದ ಮಹಾನ್ ಸಾಹಿತಿ ಎಂದು ಬೈಚನಹಳ್ಳಿ ಪದವಿ ಪೂರ್ವ ಕಾಲೇಜಿನ ಪ್ರಾಂಶುಪಾಲ ಡಿ.ಕೆ.ಕುಮಾರಯ್ಯ ಹೇಳಿದರು.

ತಾಲೂಕು ಕನ್ನಡ ಸಾಹಿತ್ಯ ಪರಿಷತ್ ವತಿಯಿಂದ ನಡೆದ ಕುವೆಂಪು ಜನ್ಮದಿನಾಚರಣೆ ಹಾಗೂ ವಿಶ್ವಮಾನವ ದಿನಾಚರಣೆ ಕಾರ್ಯಕ್ರಮ ಉದ್ಘಾಟಿಸಿ ಮಾತನಾಡಿ, ಕುವೆಂಪು ಅವರ ಸಾಹಿತ್ಯ ಯುವಜನತೆಗೆ ಪ್ರೇರಣೆಯಾಗಬೇಕು ಎಂದರು.

ಕುವೆಂಪು ಅವರ ಶ್ರೀ ರಾಮಾಯಣ ದರ್ಶನಂ ಕನ್ನಡಕ್ಕೆ ಮೊದಲ ಜ್ಞಾನಪೀಠ ಪ್ರಶಸ್ತಿ ತಂದುಕೊಟ್ಟಿತು. ವಿಶ್ವಮಾನವ ಸಂದೇಶದ ಮೂಲಕ ಜಾತಿ, ಮತ, ಧರ್ಮದ ಎಲ್ಲೆ ಮೀರಿ ಬದುಕುವ ಪಾಠ ಕಲಿಸಿದರು.

ಕುವೆಂಪು ಅವರ ವೈಚಾರಿಕ ಚಿಂತನೆಗಳು ಇಂದಿಗೂ ಪ್ರಸ್ತುತವಾಗಿವೆ. ಸಮಾನತೆ, ಸಹಬಾಳ್ವೆ, ಸಮಾಜದಲ್ಲಿ ವೈಜ್ಞಾನಿಕ ದೃಷ್ಟಿಕೋನ ಬೆಳೆಸಿಕೊಳ್ಳಬೇಕು ಎಂದು ಸಲಹೆ ನೀಡಿದರು.

ಕಾರ್ಯಕ್ರಮದಲ್ಲಿ ಕಸಾಪ ತಾಲೂಕು ಅಧ್ಯಕ್ಷರು, ಶಿಕ್ಷಕರು, ವಿದ್ಯಾರ್ಥಿಗಳು ಹಾಗೂ ಸಾಹಿತ್ಯಾಸಕ್ತರು ಪಾಲ್ಗೊಂಡಿದ್ದರು. ವಿದ್ಯಾರ್ಥಿಗಳಿಗೆ ಕುವೆಂಪು ಕವನ ವಾಚನ ಸ್ಪರ್ಧೆ ನಡೆಸಲಾಯಿತು.

ಕುವೆಂಪು ಅವರ ವೈಚಾರಿಕ ಚಿಂತನೆಗಳು ಇಂದಿಗೂ ಪ್ರಸ್ತುತವಾಗಿವೆ. ಸಮಾನತೆ, ಸಹಬಾಳ್ವೆ, ಸಮಾಜದಲ್ಲಿ ವೈಜ್ಞಾನಿಕ ದೃಷ್ಟಿಕೋನ ಬೆಳೆಸಿಕೊಳ್ಳಬೇಕು ಎಂದು ಸಲಹೆ ನೀಡಿದರು.

ಲೋಕೇಶ್ ಪ್ರಧಾನ ಭಾಷಣಕಾರರಾಗಿ ಕುವೆಂಪು ಅವರ ಜೀವನ ಹಾಗೂ ಸಾಹಿತ್ಯದ ಕುರಿತು ಉಪನ್ಯಾಸ ನೀಡಿದರು. ಕಸಾಪ ಪದಾಧಿಕಾರಿಗಳು ಉಪಸ್ಥಿತರಿದ್ದರು.

2024–25ನೇ ಸಾಲಿನ ಎಸ್‌ಎಸ್‌ಎಲ್‌ಸಿ ಹಾಗೂ ಪಿಯುಸಿ ಪರೀಕ್ಷೆಯಲ್ಲಿ ಉತ್ತಮ ಅಂಕ ಪಡೆದ ವಿದ್ಯಾರ್ಥಿಗಳನ್ನು ಸನ್ಮಾನಿಸಲಾಯಿತು. ಡಿ.ಕೆ.ಕುಮಾರಯ್ಯ ಅವರು ಪ್ರಶಸ್ತಿ ಪ್ರದಾನ ಮಾಡಿದರು.

ನಿವೃತ್ತ ಪ್ರಾಂಶುಪಾಲ ಎಚ್.ಪ್ರಭಾಕರ್, ಕರ್ನಾಟಕ ರಕ್ಷಣಾ ವೇದಿಕೆ ತಾಲೂಕು ಅಧ್ಯಕ್ಷರು, ಸಂಘ ಸಂಸ್ಥೆಗಳ ಮುಖಂಡರು ಭಾಗವಹಿಸಿದ್ದರು.

ಕಾರ್ಯಕ್ರಮದಲ್ಲಿ ಕಸಾಪ ತಾಲೂಕು ಅಧ್ಯಕ್ಷರು, ಶಿಕ್ಷಕರು, ವಿದ್ಯಾರ್ಥಿಗಳು ಹಾಗೂ ಸಾಹಿತ್ಯಾಸಕ್ತರು ಪಾಲ್ಗೊಂಡಿದ್ದರು. ವಿದ್ಯಾರ್ಥಿಗಳಿಗೆ ಕುವೆಂಪು ಕವನ ವಾಚನ ಸ್ಪರ್ಧೆ ನಡೆಸಲಾಯಿತು.

ಹುಲ್ಲಿನ ಲಾರಿಗೆ ವಿದ್ಯುತ್ ತಂತಿ ತಗುಲಿ ಬೆಂಕಿ

ಸಕಲೇಶಪುರ: ತಾಲೂಕಿನ ಹಾನುಬಾಳು ಸಮೀಪ ಒಣಹುಲ್ಲು ತುಂಬಿಕೊಂಡು ಸಾಗುತ್ತಿದ್ದ ಲಾರಿಗೆ ವಿದ್ಯುತ್ ತಂತಿ ತಗುಲಿ ಬೆಂಕಿ ಹೊತ್ತಿಕೊಂಡಿದೆ. ಚಾಲಕ ಸ್ವಲ್ಪದರಲ್ಲೇ ಪ್ರಾಣಾಪಾಯದಿಂದ ಪಾರಾಗಿದ್ದಾನೆ.

ಹೆಚ್ಚು ಎತ್ತರಕ್ಕೆ ಲೋಡ್ ಮಾಡಿದ್ದರಿಂದ ರಸ್ತೆ ಬದಿಯ ವಿದ್ಯುತ್ ತಂತಿ ತಗುಲಿ ಹುಲ್ಲಿಗೆ ಬೆಂಕಿ ಹೊತ್ತಿಕೊಂಡಿದೆ. ಸ್ಥಳೀಯರು ತಕ್ಷಣ ಅಗ್ನಿಶಾಮಕ ದಳಕ್ಕೆ ಮಾಹಿತಿ ನೀಡಿದರು.

ಸ್ಥಳಕ್ಕೆ ಆಗಮಿಸಿದ ಅಗ್ನಿಶಾಮಕ ಸಿಬ್ಬಂದಿ ಬೆಂಕಿ ನಂದಿಸುವಲ್ಲಿ ಯಶಸ್ವಿಯಾದರು. ಲಾರಿಯಲ್ಲಿದ್ದ ಹುಲ್ಲು ಸಂಪೂರ್ಣ ಸುಟ್ಟುಹೋಗಿದ್ದು, ಸಾವಿರಾರು ರೂ. ನಷ್ಟ ಸಂಭವಿಸಿದೆ.

ಘಟನೆಯಿಂದ ಸ್ವಲ್ಪ ಕಾಲ ಸಂಚಾರ ಅಸ್ತವ್ಯಸ್ತಗೊಂಡಿತ್ತು. ಯಸಳೂರು ಠಾಣೆ ಪೊಲೀಸರು ಸ್ಥಳಕ್ಕೆ ಭೇಟಿ ನೀಡಿ ಪರಿಶೀಲನೆ ನಡೆಸಿದರು. ಈ ಕುರಿತು ಪ್ರಕರಣ ದಾಖಲಾಗಿದೆ.
